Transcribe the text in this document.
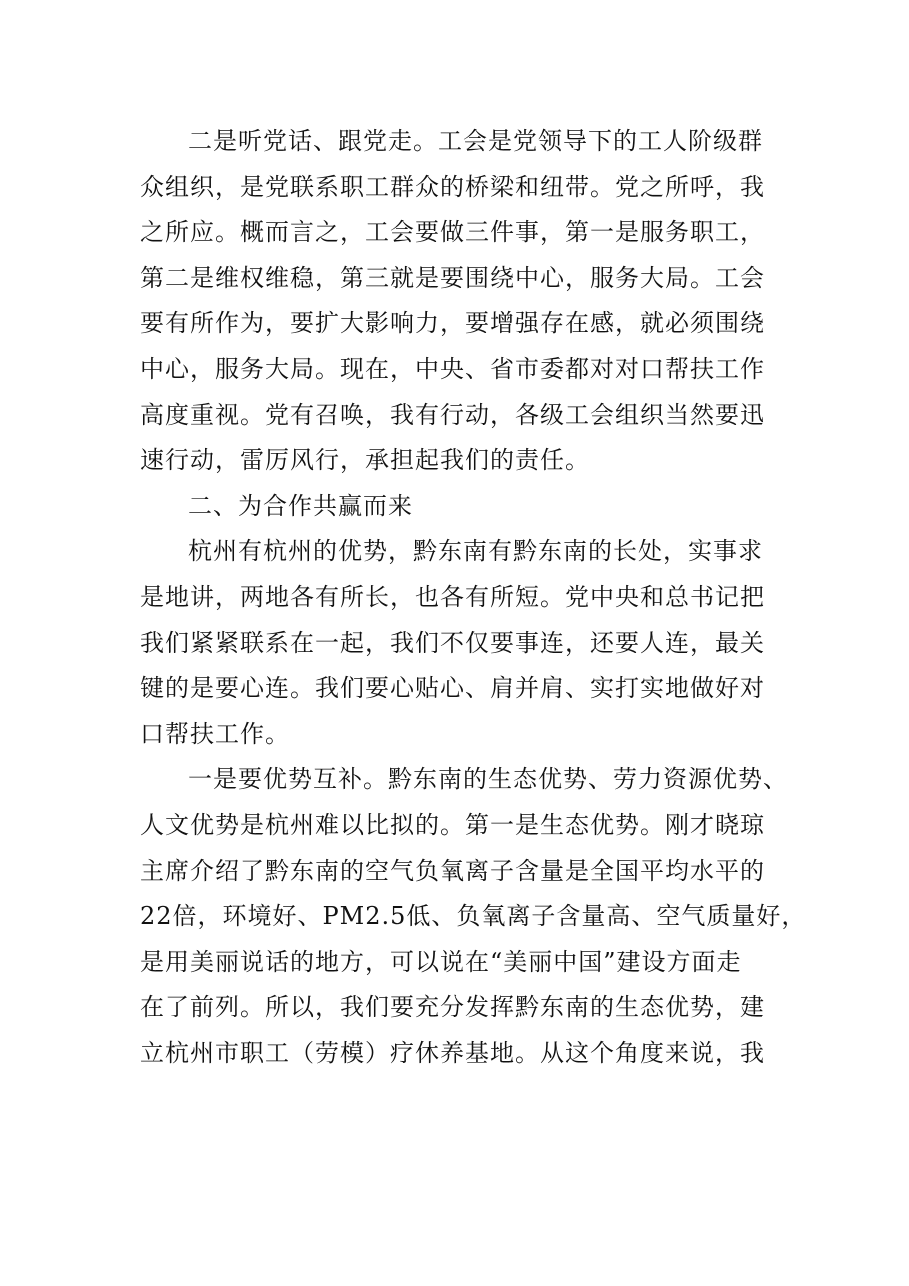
二是听党话、跟党走。工会是党领导下的工人阶级群
众组织，是党联系职工群众的桥梁和纽带。党之所呼，我
之所应。概而言之，工会要做三件事，第一是服务职工，
第二是维权维稳，第三就是要围绕中心，服务大局。工会
要有所作为，要扩大影响力，要增强存在感，就必须围绕
中心，服务大局。现在，中央、省市委都对对口帮扶工作
高度重视。党有召唤，我有行动，各级工会组织当然要迅
速行动，雷厉风行，承担起我们的责任。
二、为合作共赢而来
杭州有杭州的优势，黔东南有黔东南的长处，实事求
是地讲，两地各有所长，也各有所短。党中央和总书记把
我们紧紧联系在一起，我们不仅要事连，还要人连，最关
键的是要心连。我们要心贴心、肩并肩、实打实地做好对
口帮扶工作。
一是要优势互补。黔东南的生态优势、劳力资源优势、
人文优势是杭州难以比拟的。第一是生态优势。刚才晓琼
主席介绍了黔东南的空气负氧离子含量是全国平均水平的
22倍，环境好、PM2.5低、负氧离子含量高、空气质量好，
是用美丽说话的地方，可以说在“美丽中国”建设方面走
在了前列。所以，我们要充分发挥黔东南的生态优势，建
立杭州市职工（劳模）疗休养基地。从这个角度来说，我
